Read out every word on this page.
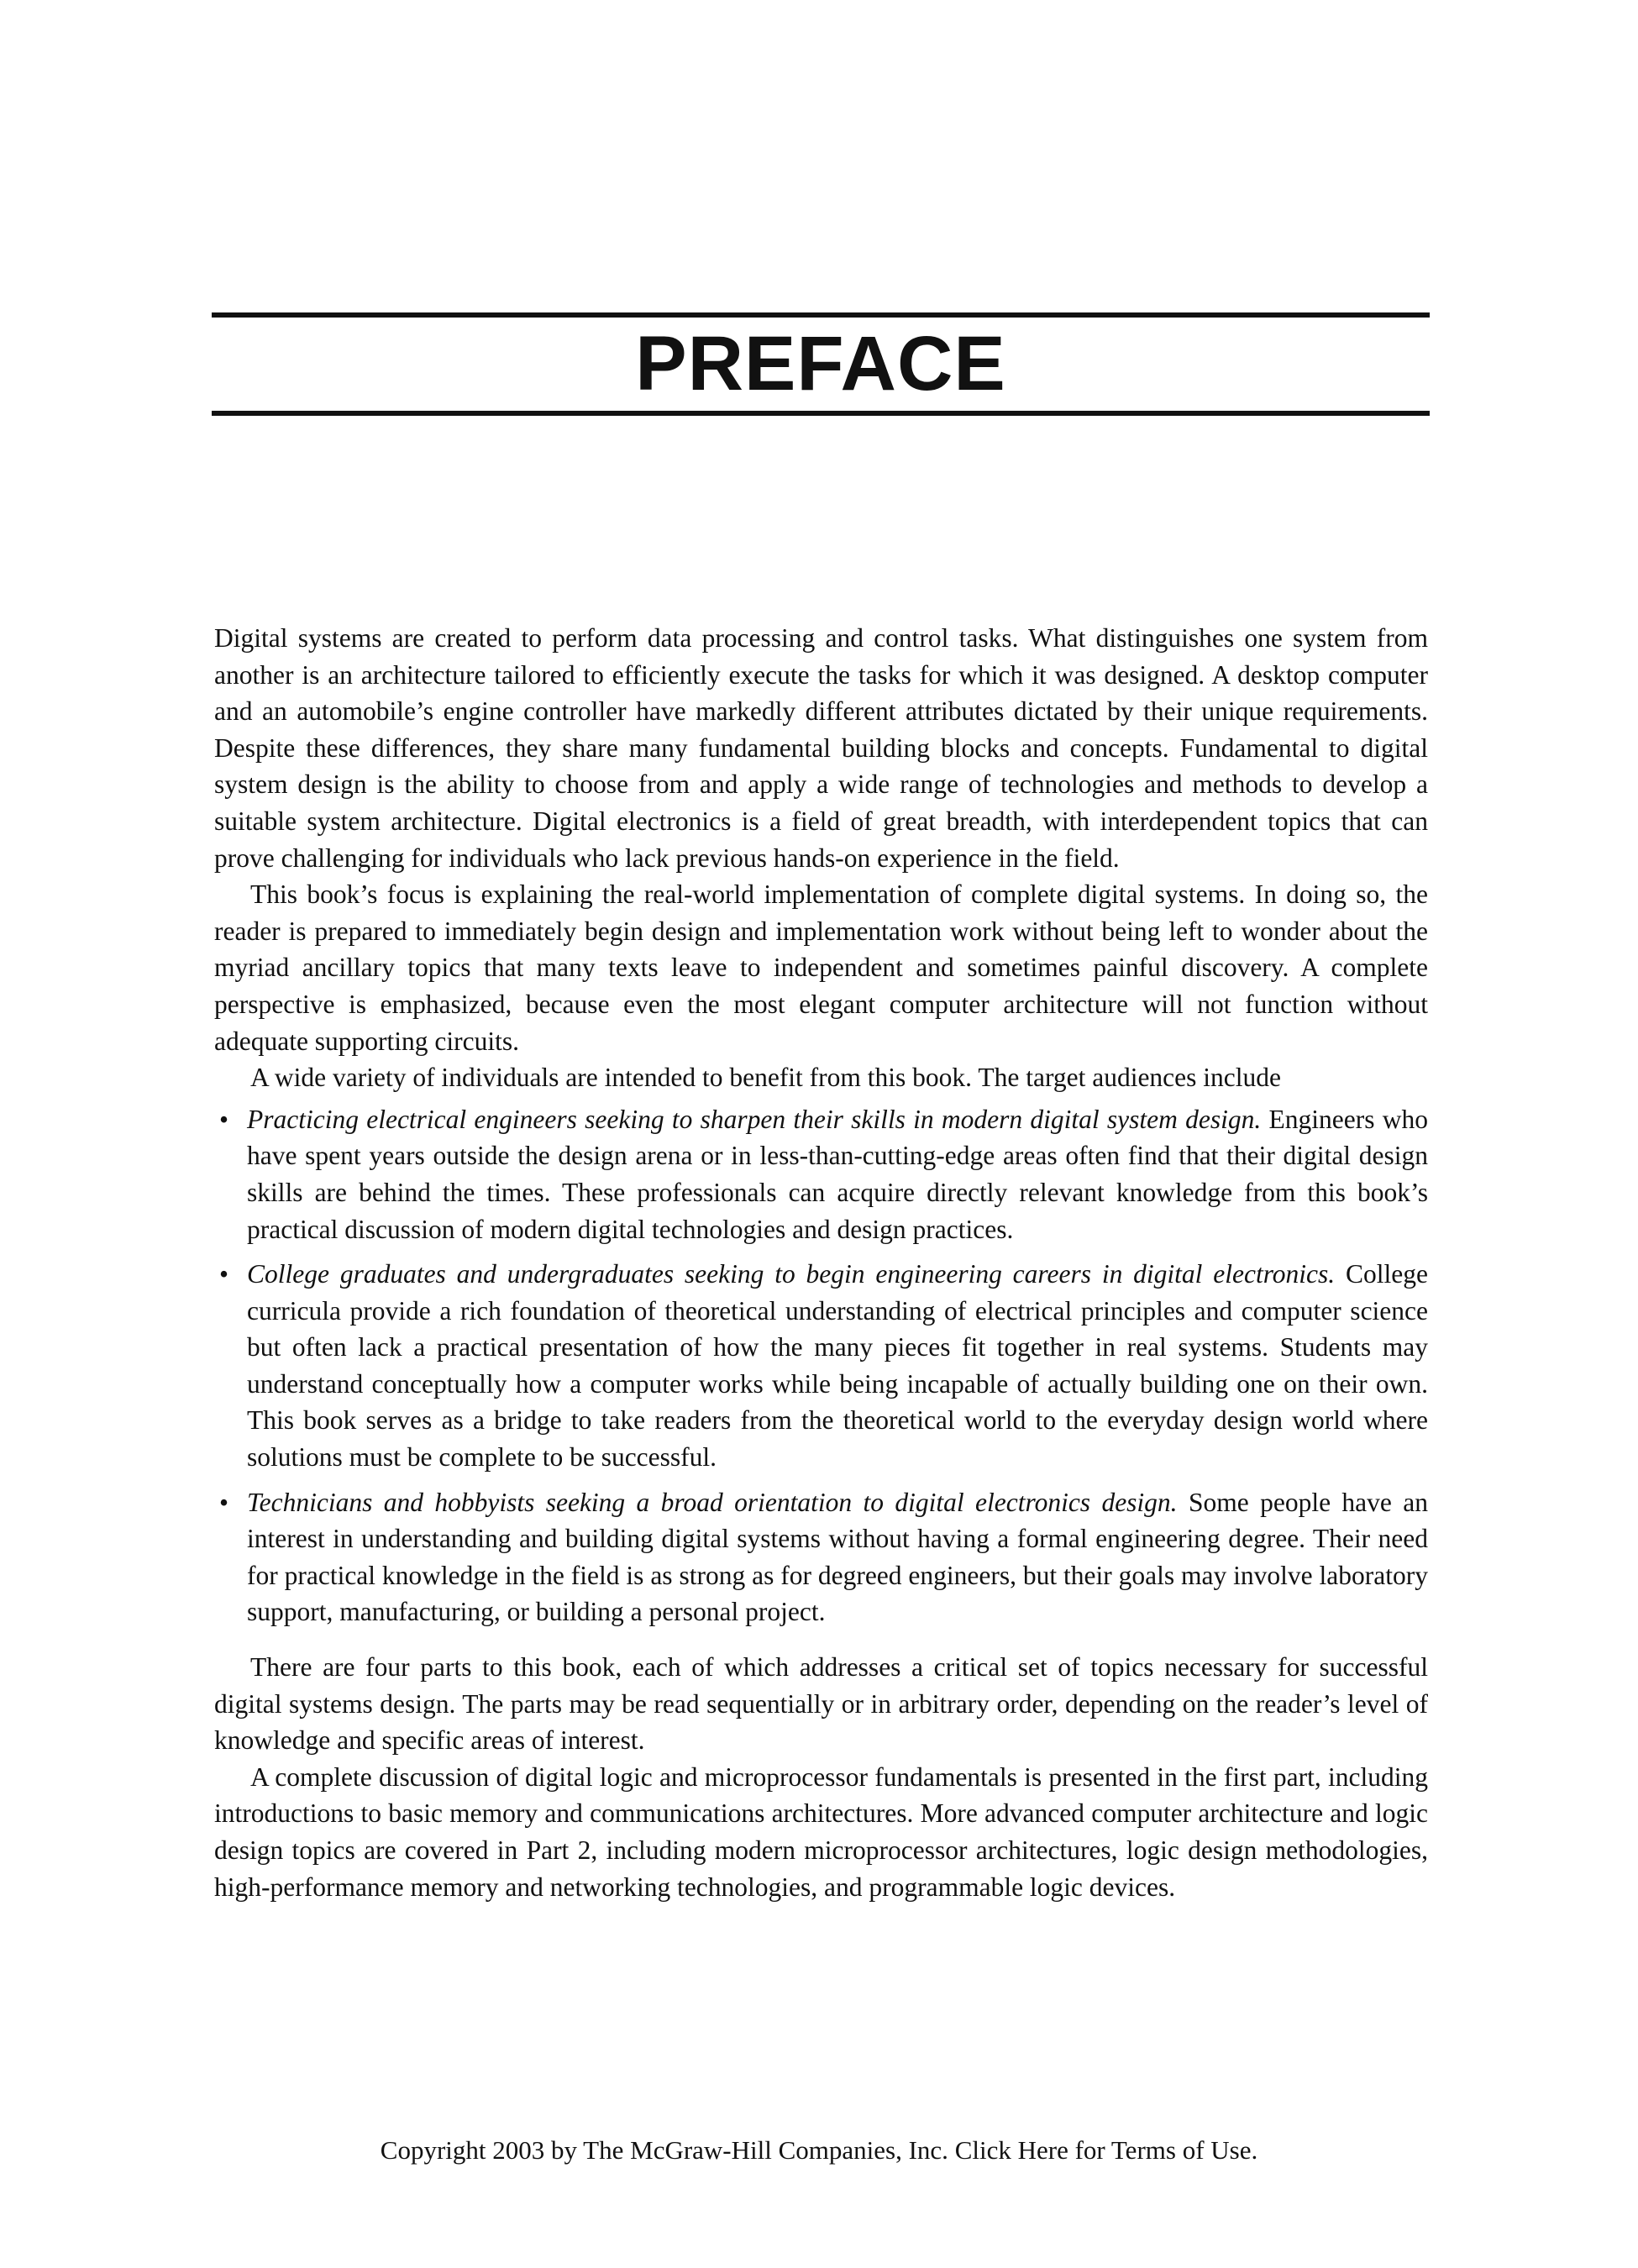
PREFACE

Digital systems are created to perform data processing and control tasks. What distinguishes one system from another is an architecture tailored to efficiently execute the tasks for which it was designed. A desktop computer and an automobile’s engine controller have markedly different attributes dictated by their unique requirements. Despite these differences, they share many fundamental building blocks and concepts. Fundamental to digital system design is the ability to choose from and apply a wide range of technologies and methods to develop a suitable system architecture. Digital electronics is a field of great breadth, with interdependent topics that can prove challenging for individuals who lack previous hands-on experience in the field.

This book’s focus is explaining the real-world implementation of complete digital systems. In doing so, the reader is prepared to immediately begin design and implementation work without being left to wonder about the myriad ancillary topics that many texts leave to independent and sometimes painful discovery. A complete perspective is emphasized, because even the most elegant computer architecture will not function without adequate supporting circuits.

A wide variety of individuals are intended to benefit from this book. The target audiences include

• Practicing electrical engineers seeking to sharpen their skills in modern digital system design. Engineers who have spent years outside the design arena or in less-than-cutting-edge areas often find that their digital design skills are behind the times. These professionals can acquire directly relevant knowledge from this book’s practical discussion of modern digital technologies and design practices.
• College graduates and undergraduates seeking to begin engineering careers in digital electronics. College curricula provide a rich foundation of theoretical understanding of electrical principles and computer science but often lack a practical presentation of how the many pieces fit together in real systems. Students may understand conceptually how a computer works while being incapable of actually building one on their own. This book serves as a bridge to take readers from the theoretical world to the everyday design world where solutions must be complete to be successful.
• Technicians and hobbyists seeking a broad orientation to digital electronics design. Some people have an interest in understanding and building digital systems without having a formal engineering degree. Their need for practical knowledge in the field is as strong as for degreed engineers, but their goals may involve laboratory support, manufacturing, or building a personal project.

There are four parts to this book, each of which addresses a critical set of topics necessary for successful digital systems design. The parts may be read sequentially or in arbitrary order, depending on the reader’s level of knowledge and specific areas of interest.

A complete discussion of digital logic and microprocessor fundamentals is presented in the first part, including introductions to basic memory and communications architectures. More advanced computer architecture and logic design topics are covered in Part 2, including modern microprocessor architectures, logic design methodologies, high-performance memory and networking technologies, and programmable logic devices.

Copyright 2003 by The McGraw-Hill Companies, Inc. Click Here for Terms of Use.
